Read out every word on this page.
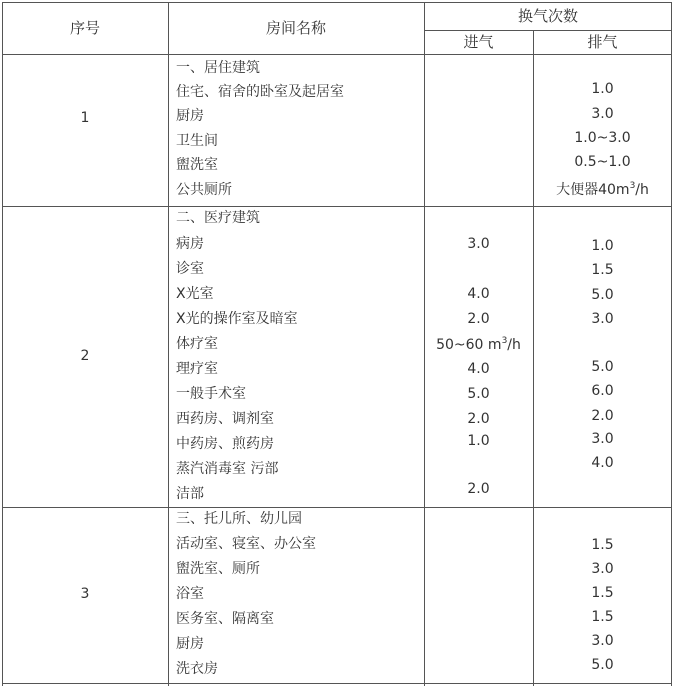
序号	房间名称
换气次数
进气	排气
1
一、居住建筑
住宅、宿舍的卧室及起居室
厨房
卫生间
盥洗室
公共厕所
1.0
3.0
1.0~3.0
0.5~1.0
大便器$40m^3/h$
2
二、医疗建筑
病房
诊室
X光室
X光的操作室及暗室
体疗室
理疗室
一般手术室
西药房、调剂室
中药房、煎药房
蒸汽消毒室 污部
洁部
3.0
4.0
2.0
50~60 $m^3/h$
4.0
5.0
2.0
1.0
2.0
1.0
1.5
5.0
3.0
5.0
6.0
2.0
3.0
4.0
3
三、托儿所、幼儿园
活动室、寝室、办公室
盥洗室、厕所
浴室
医务室、隔离室
厨房
洗衣房
1.5
3.0
1.5
1.5
3.0
5.0
